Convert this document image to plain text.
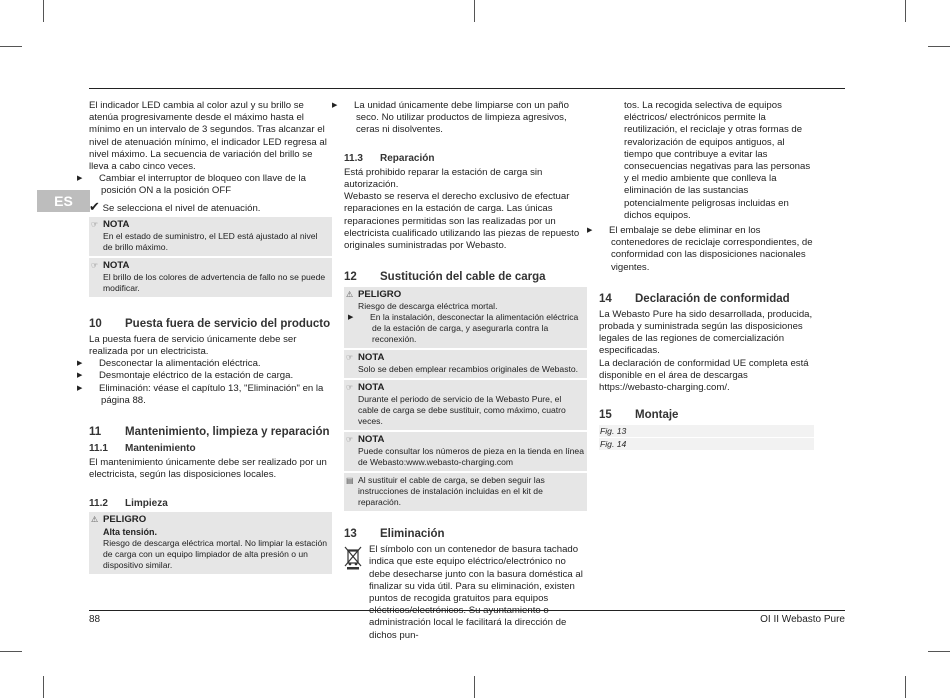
ES

El indicador LED cambia al color azul y su brillo se atenúa progresivamente desde el máximo hasta el mínimo en un intervalo de 3 segundos. Tras alcanzar el nivel de atenuación mínimo, el indicador LED regresa al nivel máximo. La secuencia de variación del brillo se lleva a cabo cinco veces.

▶ Cambiar el interruptor de bloqueo con llave de la posición ON a la posición OFF

✔ Se selecciona el nivel de atenuación.

☞ NOTA
En el estado de suministro, el LED está ajustado al nivel de brillo máximo.
☞ NOTA
El brillo de los colores de advertencia de fallo no se puede modificar.
10	Puesta fuera de servicio del producto

La puesta fuera de servicio únicamente debe ser realizada por un electricista.

▶ Desconectar la alimentación eléctrica.

▶ Desmontaje eléctrico de la estación de carga.

▶ Eliminación: véase el capítulo 13, "Eliminación" en la página 88.

11	Mantenimiento, limpieza y reparación
11.1	Mantenimiento

El mantenimiento únicamente debe ser realizado por un electricista, según las disposiciones locales.

11.2	Limpieza
⚠ PELIGRO
Alta tensión.
Riesgo de descarga eléctrica mortal. No limpiar la estación de carga con un equipo limpiador de alta presión o un dispositivo similar.

▶ La unidad únicamente debe limpiarse con un paño seco. No utilizar productos de limpieza agresivos, ceras ni disolventes.

11.3	Reparación

Está prohibido reparar la estación de carga sin autorización.

Webasto se reserva el derecho exclusivo de efectuar reparaciones en la estación de carga. Las únicas reparaciones permitidas son las realizadas por un electricista cualificado utilizando las piezas de repuesto originales suministradas por Webasto.

12	Sustitución del cable de carga
⚠ PELIGRO
Riesgo de descarga eléctrica mortal.

▶ En la instalación, desconectar la alimentación eléctrica de la estación de carga, y asegurarla contra la reconexión.

☞ NOTA
Solo se deben emplear recambios originales de Webasto.
☞ NOTA
Durante el periodo de servicio de la Webasto Pure, el cable de carga se debe sustituir, como máximo, cuatro veces.
☞ NOTA
Puede consultar los números de pieza en la tienda en línea de Webasto:www.webasto-charging.com
▤ Al sustituir el cable de carga, se deben seguir las instrucciones de instalación incluidas en el kit de reparación.
13	Eliminación

El símbolo con un contenedor de basura tachado indica que este equipo eléctrico/electrónico no debe desecharse junto con la basura doméstica al finalizar su vida útil. Para su eliminación, existen puntos de recogida gratuitos para equipos eléctricos/electrónicos. Su ayuntamiento o administración local le facilitará la dirección de dichos pun-

tos. La recogida selectiva de equipos eléctricos/ electrónicos permite la reutilización, el reciclaje y otras formas de revalorización de equipos antiguos, al tiempo que contribuye a evitar las consecuencias negativas para las personas y el medio ambiente que conlleva la eliminación de las sustancias potencialmente peligrosas incluidas en dichos equipos.

▶ El embalaje se debe eliminar en los contenedores de reciclaje correspondientes, de conformidad con las disposiciones nacionales vigentes.

14	Declaración de conformidad

La Webasto Pure ha sido desarrollada, producida, probada y suministrada según las disposiciones legales de las regiones de comercialización especificadas.

La declaración de conformidad UE completa está disponible en el área de descargas https://webasto-charging.com/.

15	Montaje
Fig. 13
Fig. 14
88	OI II Webasto Pure
